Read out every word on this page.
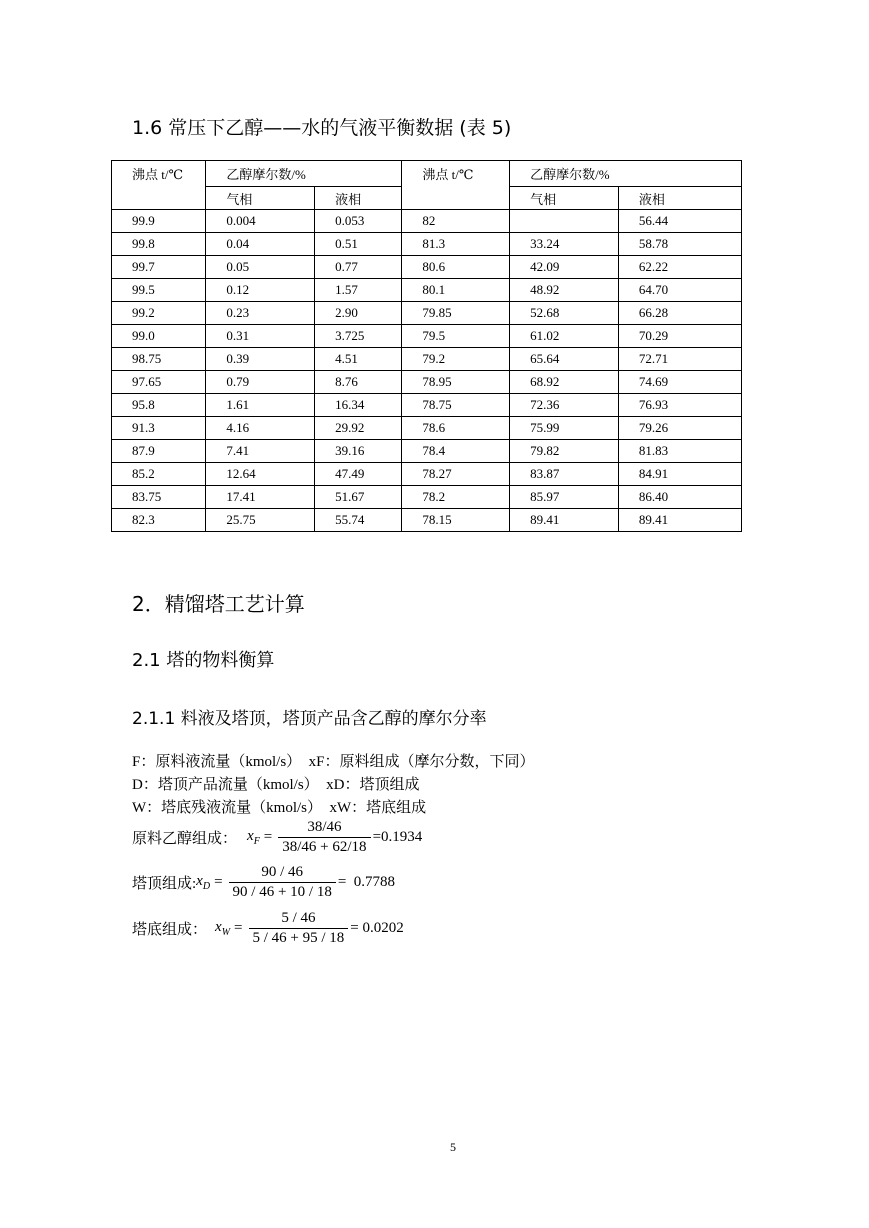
1.6 常压下乙醇——水的气液平衡数据 (表 5)
沸点 t/℃	乙醇摩尔数/%		沸点 t/℃	乙醇摩尔数/%	
	气相	液相		气相	液相
99.9	0.004	0.053	82		56.44
99.8	0.04	0.51	81.3	33.24	58.78
99.7	0.05	0.77	80.6	42.09	62.22
99.5	0.12	1.57	80.1	48.92	64.70
99.2	0.23	2.90	79.85	52.68	66.28
99.0	0.31	3.725	79.5	61.02	70.29
98.75	0.39	4.51	79.2	65.64	72.71
97.65	0.79	8.76	78.95	68.92	74.69
95.8	1.61	16.34	78.75	72.36	76.93
91.3	4.16	29.92	78.6	75.99	79.26
87.9	7.41	39.16	78.4	79.82	81.83
85.2	12.64	47.49	78.27	83.87	84.91
83.75	17.41	51.67	78.2	85.97	86.40
82.3	25.75	55.74	78.15	89.41	89.41
2．精馏塔工艺计算
2.1 塔的物料衡算
2.1.1 料液及塔顶，塔顶产品含乙醇的摩尔分率
F：原料液流量（kmol/s）  xF：原料组成（摩尔分数，下同）
D：塔顶产品流量（kmol/s）  xD：塔顶组成
W：塔底残液流量（kmol/s）  xW：塔底组成
原料乙醇组成： $x_F = \frac{38/46}{38/46 + 62/18} =0.1934$
塔顶组成: $x_D = \frac{90 / 46}{90 / 46 + 10 / 18} = 0.7788$
塔底组成： $x_W = \frac{5 / 46}{5 / 46 + 95 / 18} = 0.0202$
5
